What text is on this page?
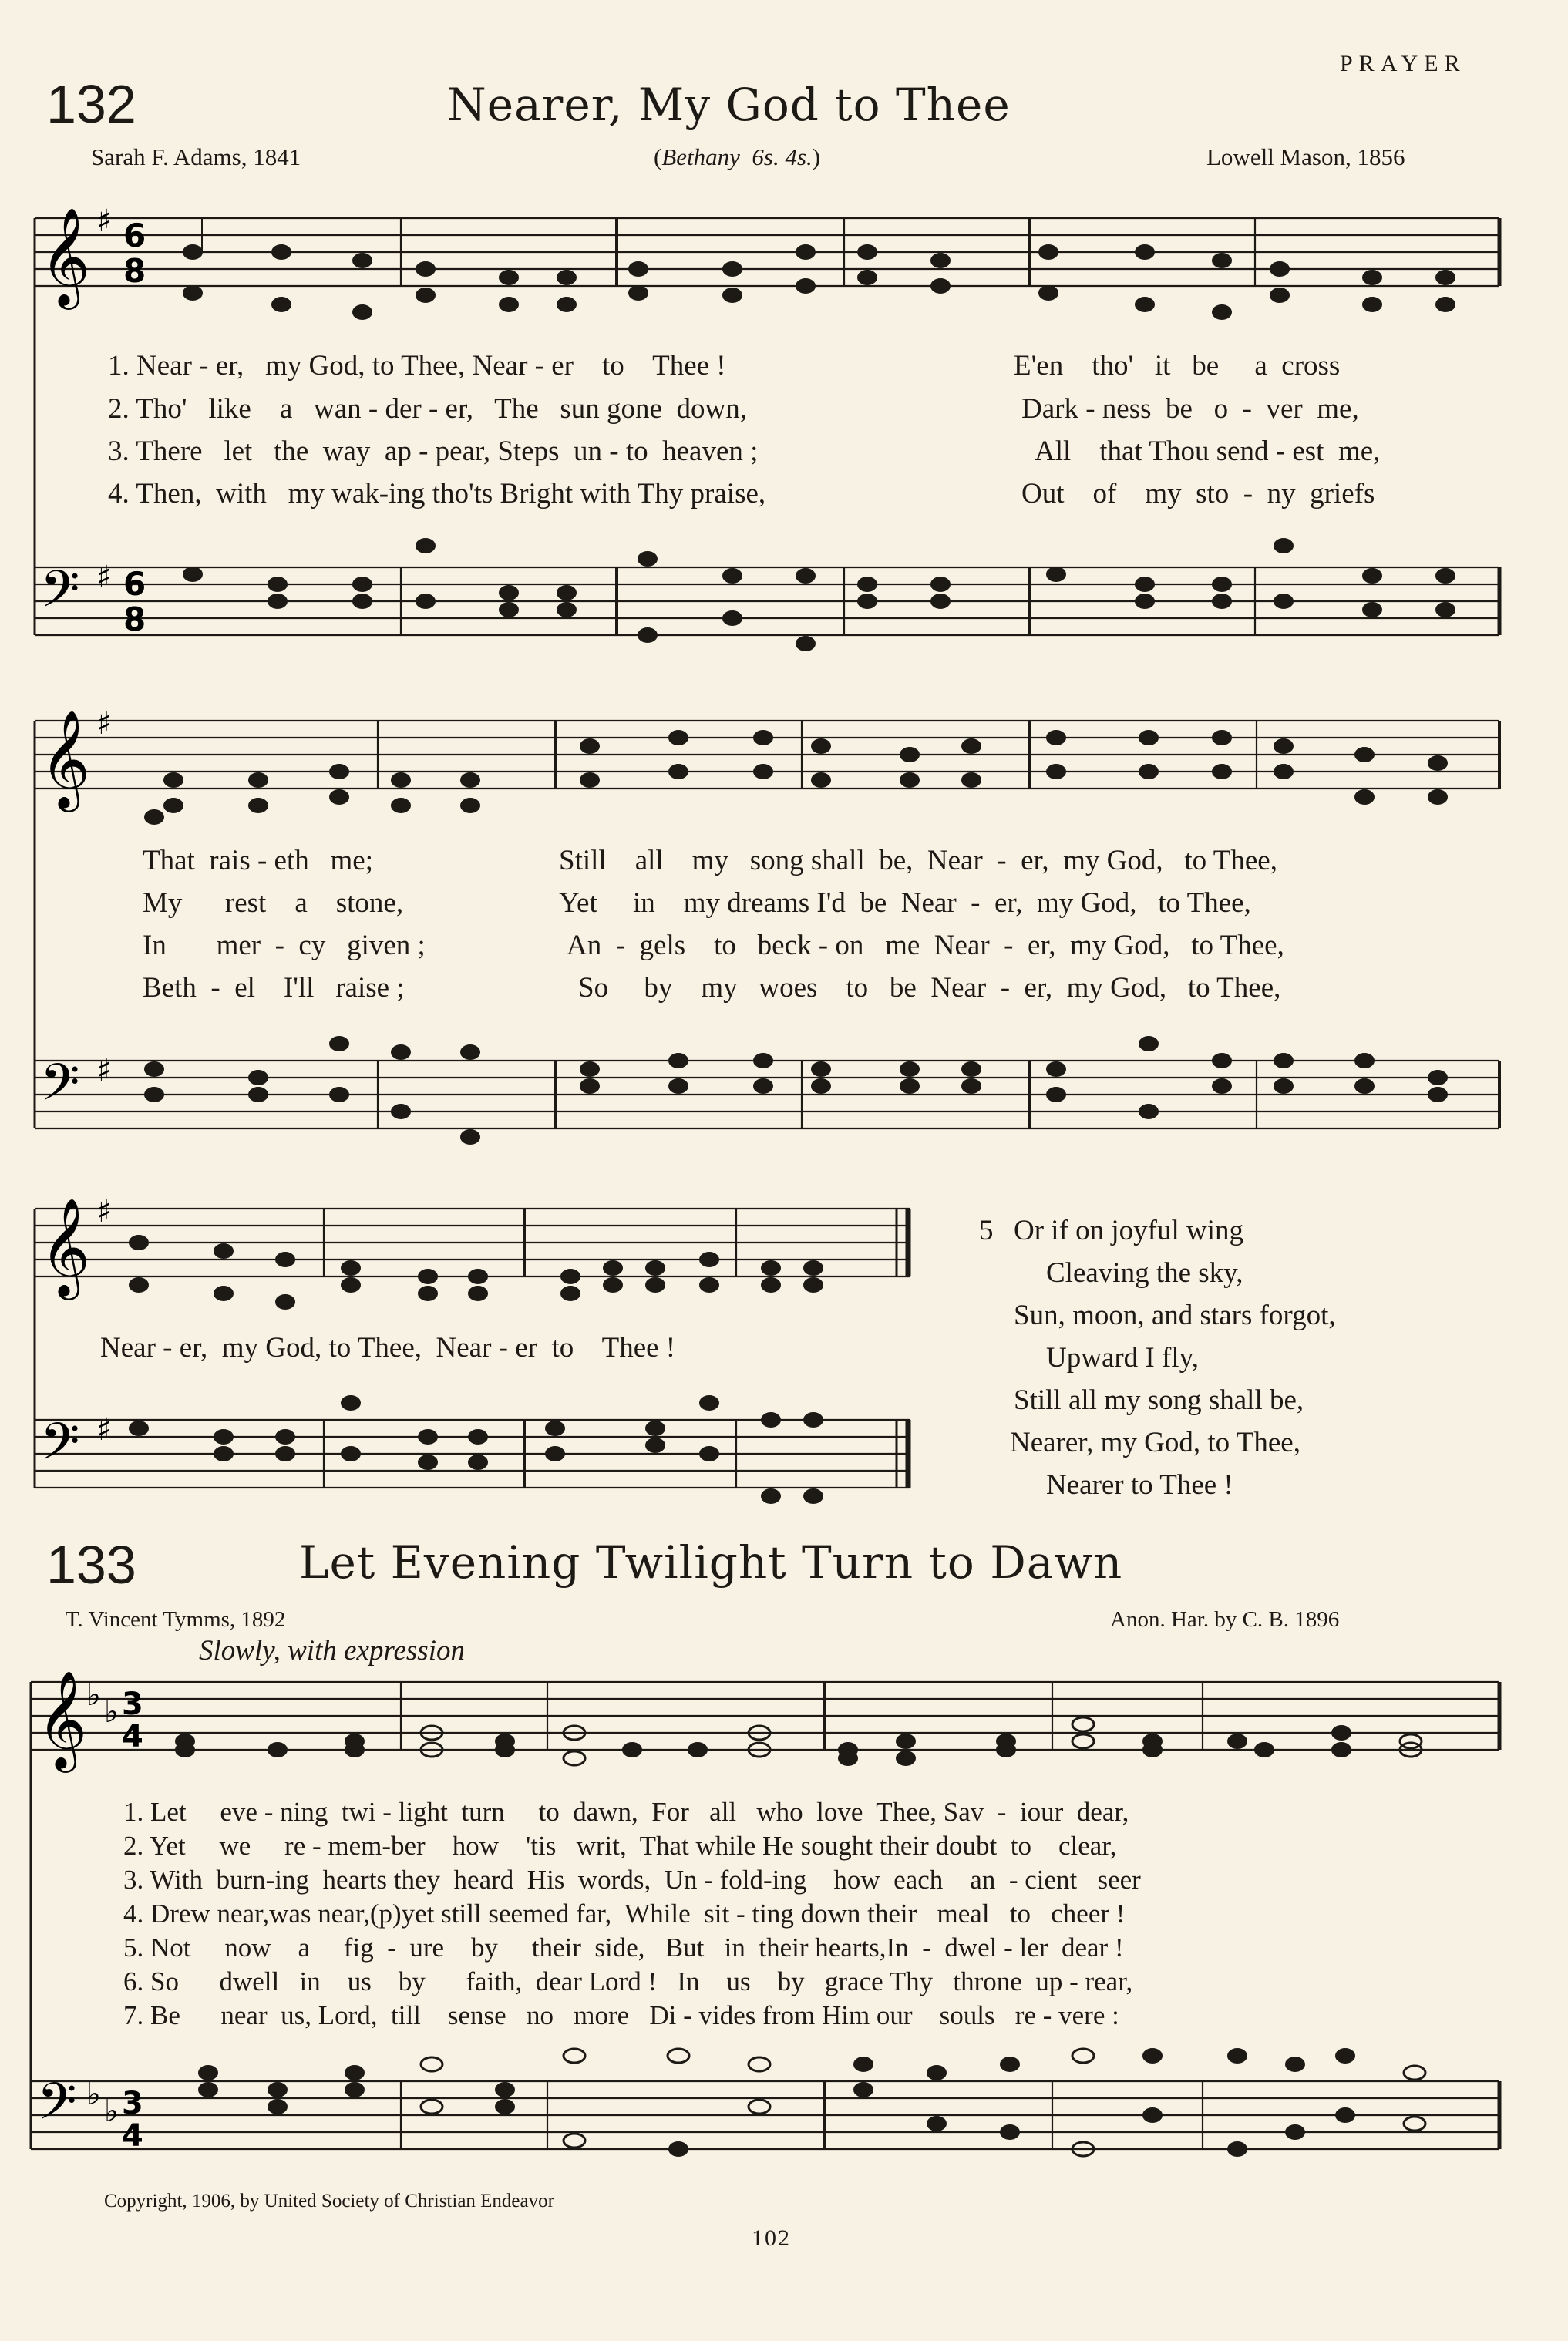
PRAYER
132	Nearer, My God to Thee
Sarah F. Adams, 1841	(Bethany 6s. 4s.)	Lowell Mason, 1856
𝄞 ♯ 6
8
𝄢 ♯ 6
8
1. Near - er,   my God, to Thee, Near - er    to    Thee !
2. Tho'   like    a   wan - der - er,   The   sun gone  down,
3. There   let   the  way  ap - pear, Steps  un - to  heaven ;
4. Then,  with   my wak-ing tho'ts Bright with Thy praise,
E'en    tho'   it   be     a  cross
Dark - ness  be   o  -  ver  me,
All    that Thou send - est  me,
Out    of    my  sto  -  ny  griefs
𝄞 ♯
𝄢 ♯
That  rais - eth   me;
My      rest    a    stone,
In       mer  -  cy   given ;
Beth  -  el    I'll   raise ;
Still    all    my   song shall  be,  Near  -  er,  my God,   to Thee,
Yet     in    my dreams I'd  be  Near  -  er,  my God,   to Thee,
An  -  gels    to   beck - on   me  Near  -  er,  my God,   to Thee,
So     by    my   woes    to   be  Near  -  er,  my God,   to Thee,
𝄞 ♯
𝄢 ♯
Near - er,  my God, to Thee,  Near - er  to    Thee !
5 Or if on joyful wing
Cleaving the sky,
Sun, moon, and stars forgot,
Upward I fly,
Still all my song shall be,
Nearer, my God, to Thee,
Nearer to Thee !
133	Let Evening Twilight Turn to Dawn
T. Vincent Tymms, 1892	Anon. Har. by C. B. 1896
Slowly, with expression
𝄞
♭ ♭ 3
4
𝄢 ♭ ♭ 3
4
1. Let     eve - ning  twi - light  turn     to  dawn,  For   all   who  love  Thee, Sav  -  iour  dear,
2. Yet     we     re - mem-ber    how    'tis   writ,  That while He sought their doubt  to    clear,
3. With  burn-ing  hearts they  heard  His  words,  Un - fold-ing    how  each    an  - cient   seer
4. Drew near,was near,(p)yet still seemed far,  While  sit - ting down their   meal   to   cheer !
5. Not     now    a     fig  -  ure    by     their  side,   But   in  their hearts,In  -  dwel - ler  dear !
6. So      dwell   in    us    by      faith,  dear Lord !   In    us    by   grace Thy   throne  up - rear,
7. Be      near  us, Lord,  till    sense   no   more   Di - vides from Him our    souls   re - vere :
Copyright, 1906, by United Society of Christian Endeavor
102
